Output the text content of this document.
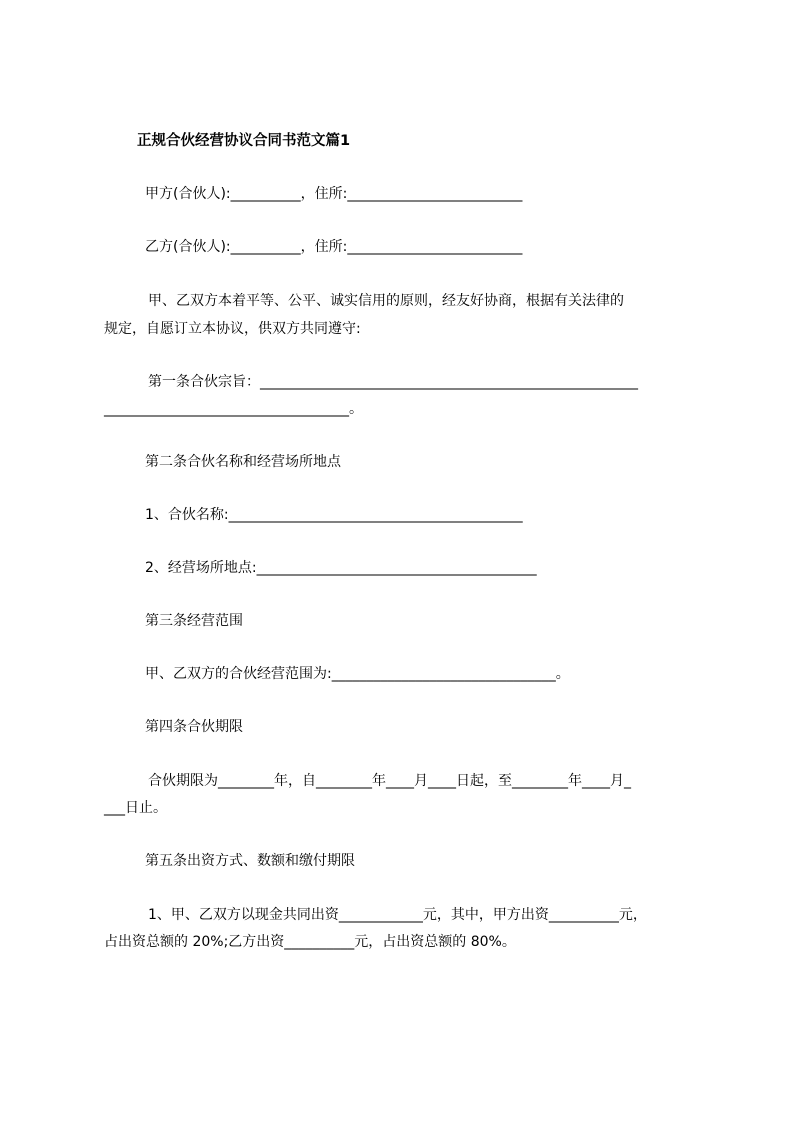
正规合伙经营协议合同书范文篇1

甲方(合伙人):__________，住所:_________________________

乙方(合伙人):__________，住所:_________________________

甲、乙双方本着平等、公平、诚实信用的原则，经友好协商，根据有关法律的

规定，自愿订立本协议，供双方共同遵守:

第一条合伙宗旨：______________________________________________________

___________________________________。

第二条合伙名称和经营场所地点

1、合伙名称:__________________________________________

2、经营场所地点:________________________________________

第三条经营范围

甲、乙双方的合伙经营范围为:________________________________。

第四条合伙期限

合伙期限为________年，自________年____月____日起，至________年____月_

___日止。

第五条出资方式、数额和缴付期限

1、甲、乙双方以现金共同出资____________元，其中，甲方出资__________元，

占出资总额的 20%;乙方出资__________元，占出资总额的 80%。
